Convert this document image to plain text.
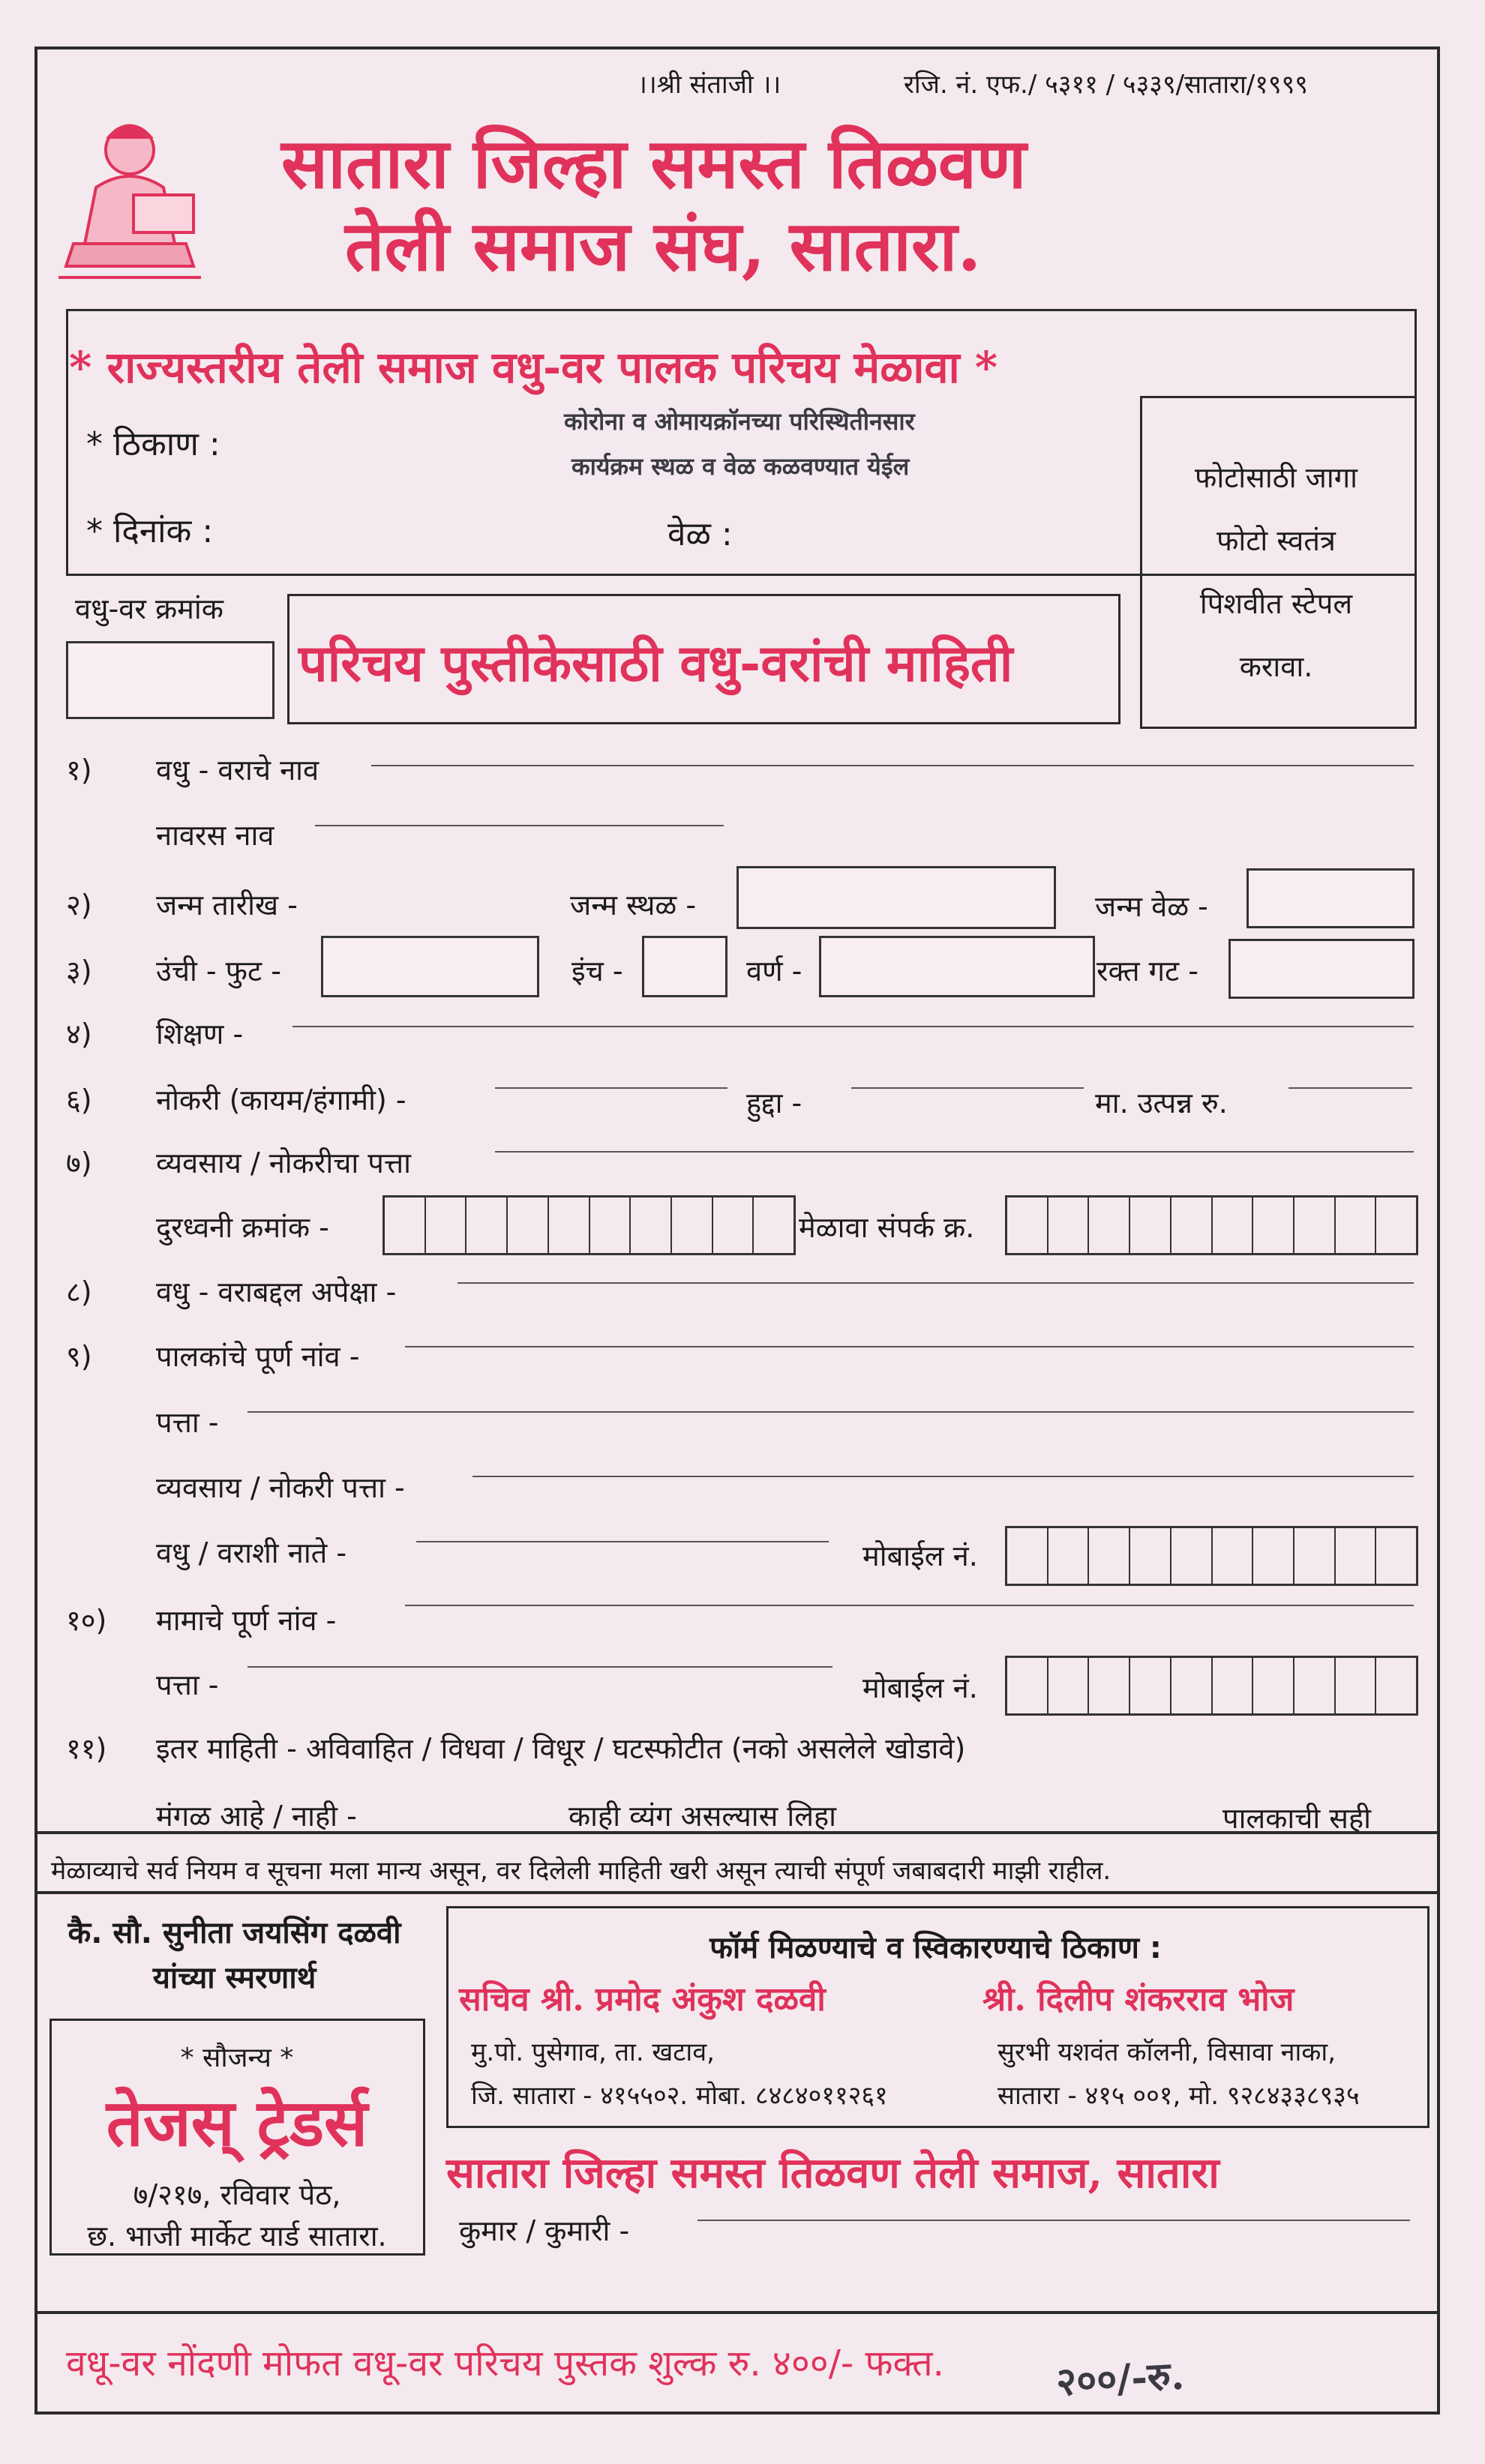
।।श्री संताजी ।।	रजि. नं. एफ./ ५३११ / ५३३९/सातारा/१९९९
सातारा जिल्हा समस्त तिळवण
तेली समाज संघ, सातारा.
* राज्यस्तरीय तेली समाज वधु-वर पालक परिचय मेळावा *
* ठिकाण :
* दिनांक :	वेळ :
कोरोना व ओमायक्रॉनच्या परिस्थितीनसार
कार्यक्रम स्थळ व वेळ कळवण्यात येईल	फोटोसाठी जागा
फोटो स्वतंत्र
पिशवीत स्टेपल
करावा.
वधु-वर क्रमांक
परिचय पुस्तीकेसाठी वधु-वरांची माहिती
१) वधु - वराचे नाव
नावरस नाव
२) जन्म तारीख -	जन्म स्थळ -	जन्म वेळ -
३) उंची - फुट -	इंच -	वर्ण -	रक्त गट -
४) शिक्षण -
६) नोकरी (कायम/हंगामी) -	हुद्दा -	मा. उत्पन्न रु.
७) व्यवसाय / नोकरीचा पत्ता
दुरध्वनी क्रमांक -	मेळावा संपर्क क्र.
८) वधु - वराबद्दल अपेक्षा -
९) पालकांचे पूर्ण नांव -
पत्ता -
व्यवसाय / नोकरी पत्ता -
वधु / वराशी नाते -	मोबाईल नं.
१०) मामाचे पूर्ण नांव -
पत्ता -	मोबाईल नं.
११) इतर माहिती - अविवाहित / विधवा / विधूर / घटस्फोटीत (नको असलेले खोडावे)
मंगळ आहे / नाही -	काही व्यंग असल्यास लिहा	पालकाची सही
मेळाव्याचे सर्व नियम व सूचना मला मान्य असून, वर दिलेली माहिती खरी असून त्याची संपूर्ण जबाबदारी माझी राहील.
कै. सौ. सुनीता जयसिंग दळवी
यांच्या स्मरणार्थ
* सौजन्य *
तेजस् ट्रेडर्स
७/२१७, रविवार पेठ,
छ. भाजी मार्केट यार्ड सातारा.
फॉर्म मिळण्याचे व स्विकारण्याचे ठिकाण :
सचिव श्री. प्रमोद अंकुश दळवी
मु.पो. पुसेगाव, ता. खटाव,
जि. सातारा - ४१५५०२. मोबा. ८४८४०११२६१
श्री. दिलीप शंकरराव भोज
सुरभी यशवंत कॉलनी, विसावा नाका,
सातारा - ४१५ ००१, मो. ९२८४३३८९३५
सातारा जिल्हा समस्त तिळवण तेली समाज, सातारा
कुमार / कुमारी -
वधू-वर नोंदणी मोफत वधू-वर परिचय पुस्तक शुल्क रु. ४००/- फक्त.	२००/-रु.
